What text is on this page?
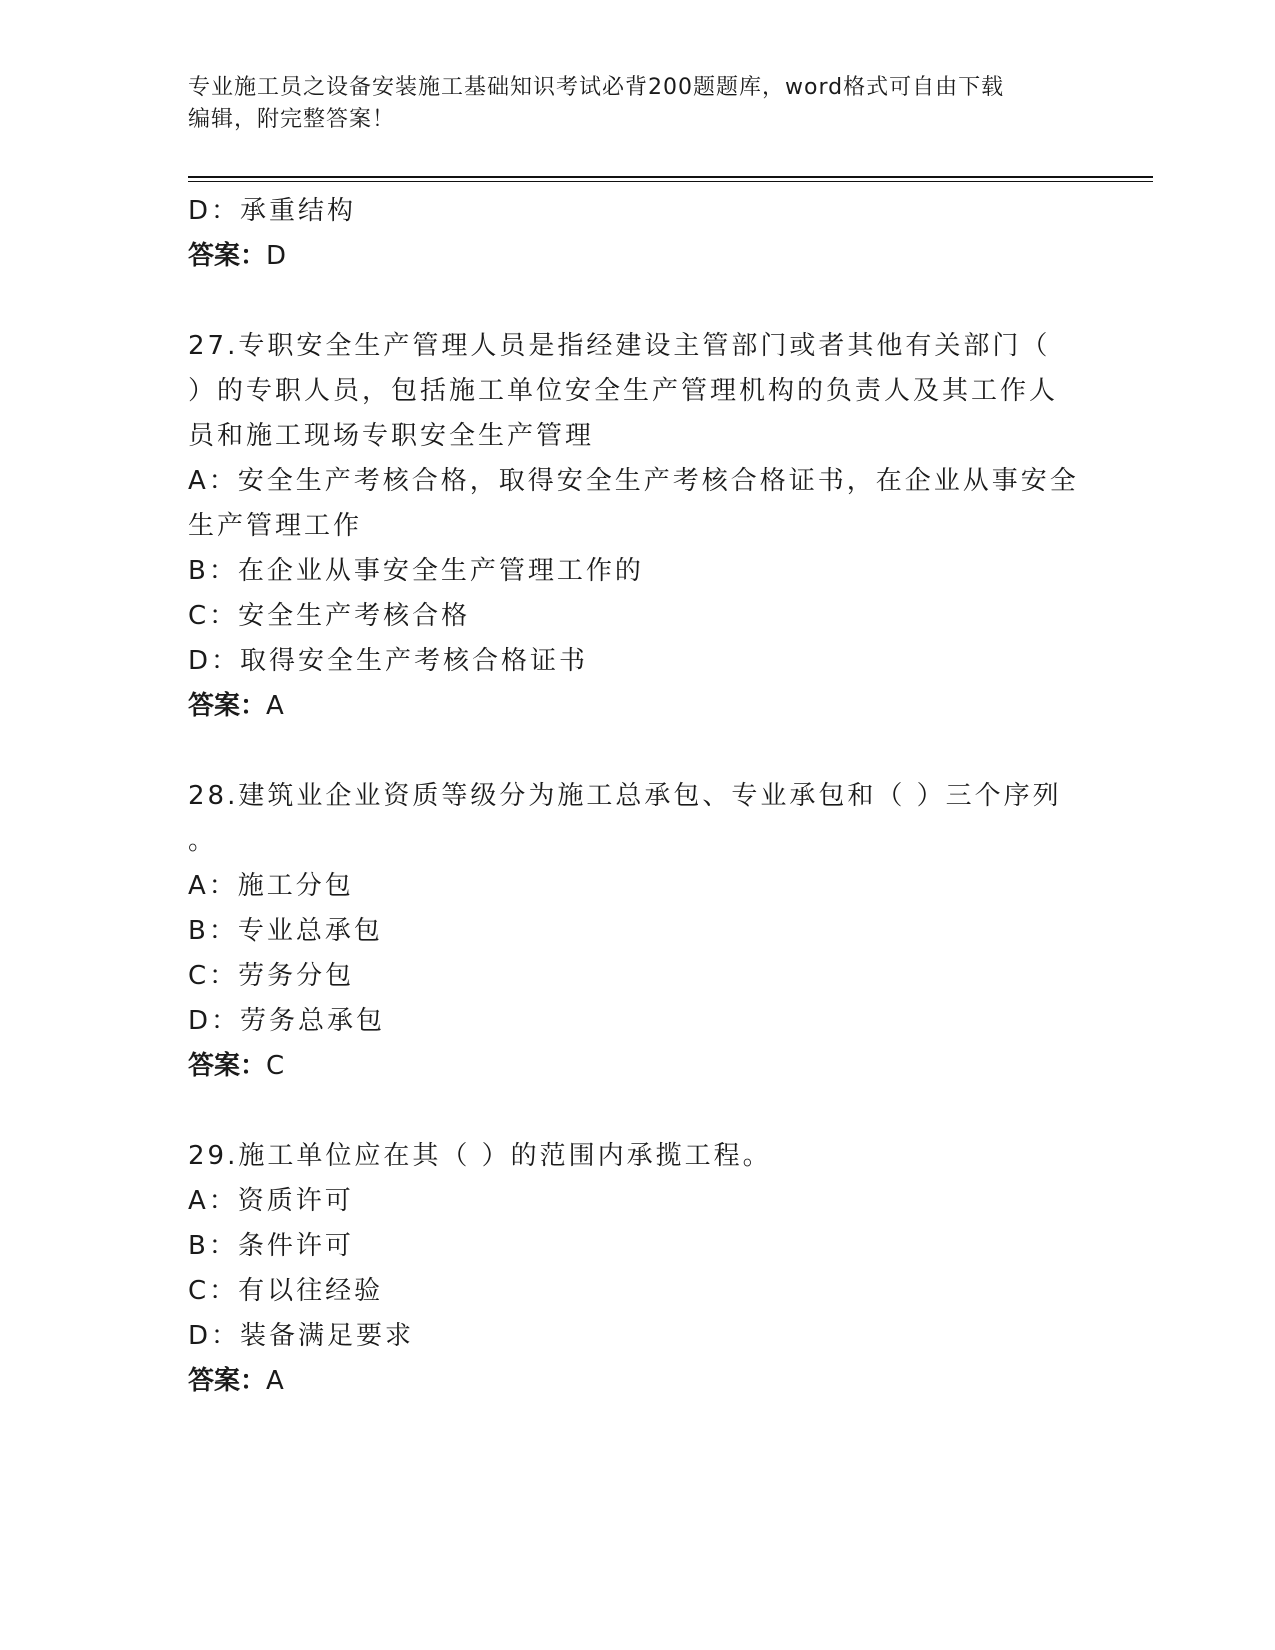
专业施工员之设备安装施工基础知识考试必背200题题库，word格式可自由下载
编辑，附完整答案！
D：承重结构
答案：D
27.专职安全生产管理人员是指经建设主管部门或者其他有关部门（
）的专职人员，包括施工单位安全生产管理机构的负责人及其工作人
员和施工现场专职安全生产管理
A：安全生产考核合格，取得安全生产考核合格证书，在企业从事安全
生产管理工作
B：在企业从事安全生产管理工作的
C：安全生产考核合格
D：取得安全生产考核合格证书
答案：A
28.建筑业企业资质等级分为施工总承包、专业承包和（ ）三个序列
。
A：施工分包
B：专业总承包
C：劳务分包
D：劳务总承包
答案：C
29.施工单位应在其（ ）的范围内承揽工程。
A：资质许可
B：条件许可
C：有以往经验
D：装备满足要求
答案：A
